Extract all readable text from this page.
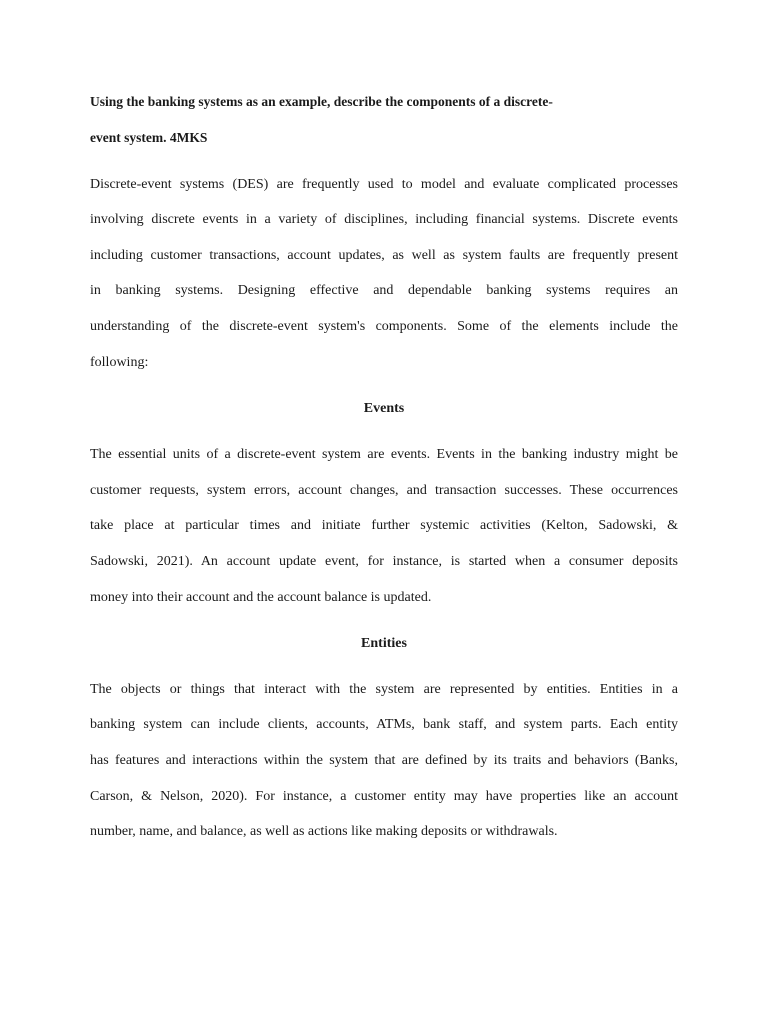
Using the banking systems as an example, describe the components of a discrete-
event system. 4MKS
Discrete-event systems (DES) are frequently used to model and evaluate complicated processes
involving discrete events in a variety of disciplines, including financial systems. Discrete events
including customer transactions, account updates, as well as system faults are frequently present
in banking systems. Designing effective and dependable banking systems requires an
understanding of the discrete-event system's components. Some of the elements include the
following:
Events
The essential units of a discrete-event system are events. Events in the banking industry might be
customer requests, system errors, account changes, and transaction successes. These occurrences
take place at particular times and initiate further systemic activities (Kelton, Sadowski, &
Sadowski, 2021). An account update event, for instance, is started when a consumer deposits
money into their account and the account balance is updated.
Entities
The objects or things that interact with the system are represented by entities. Entities in a
banking system can include clients, accounts, ATMs, bank staff, and system parts. Each entity
has features and interactions within the system that are defined by its traits and behaviors (Banks,
Carson, & Nelson, 2020). For instance, a customer entity may have properties like an account
number, name, and balance, as well as actions like making deposits or withdrawals.
